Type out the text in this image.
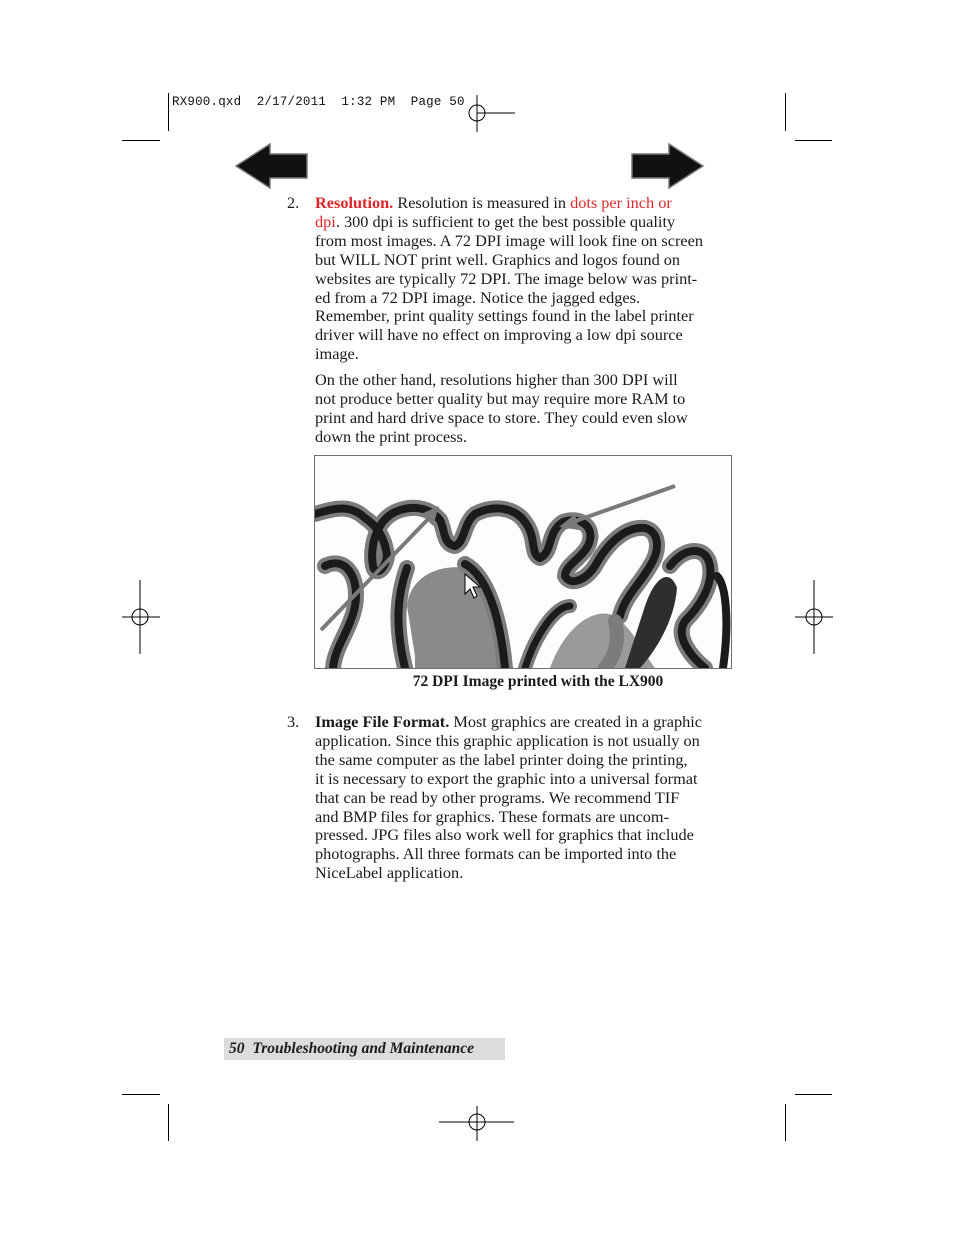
RX900.qxd  2/17/2011  1:32 PM  Page 50
2. Resolution. Resolution is measured in dots per inch or
dpi. 300 dpi is sufficient to get the best possible quality
from most images. A 72 DPI image will look fine on screen
but WILL NOT print well. Graphics and logos found on
websites are typically 72 DPI. The image below was print-
ed from a 72 DPI image. Notice the jagged edges.
Remember, print quality settings found in the label printer
driver will have no effect on improving a low dpi source
image.

On the other hand, resolutions higher than 300 DPI will
not produce better quality but may require more RAM to
print and hard drive space to store. They could even slow
down the print process.

72 DPI Image printed with the LX900
3. Image File Format. Most graphics are created in a graphic
application. Since this graphic application is not usually on
the same computer as the label printer doing the printing,
it is necessary to export the graphic into a universal format
that can be read by other programs. We recommend TIF
and BMP files for graphics. These formats are uncom-
pressed. JPG files also work well for graphics that include
photographs. All three formats can be imported into the
NiceLabel application.

50 Troubleshooting and Maintenance
